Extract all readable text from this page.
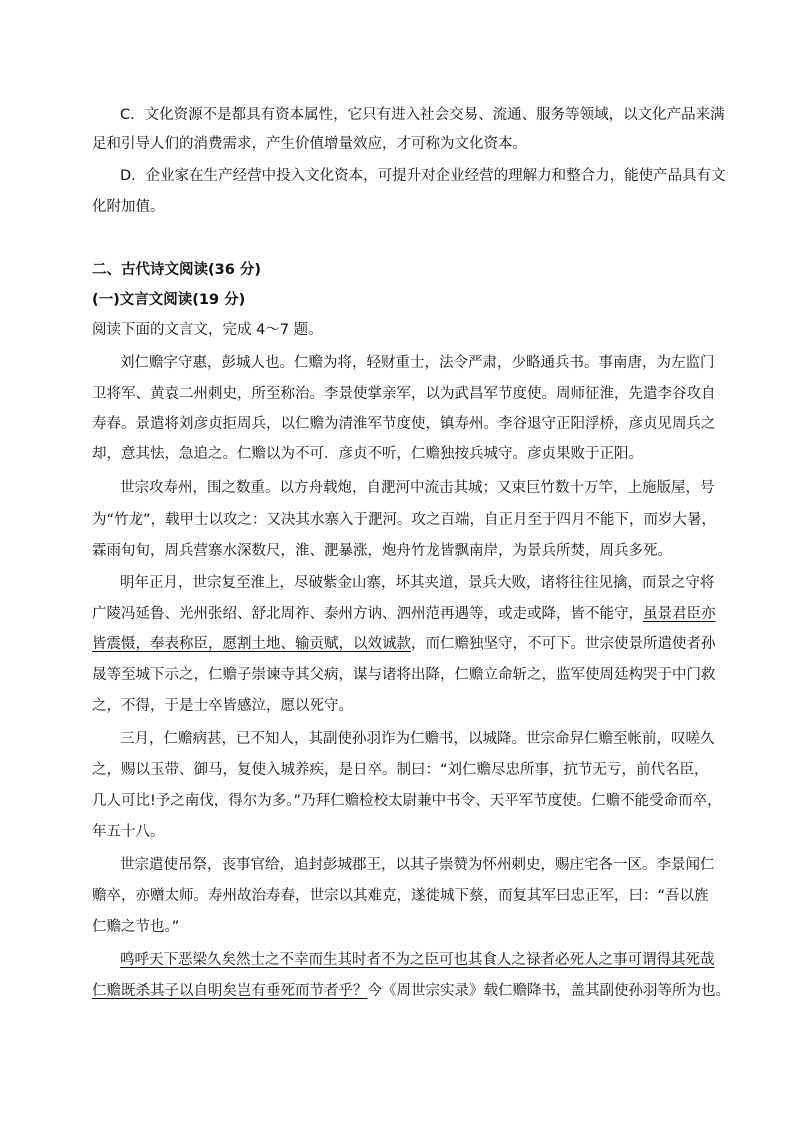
C．文化资源不是都具有资本属性，它只有进入社会交易、流通、服务等领域，以文化产品来满
足和引导人们的消费需求，产生价值增量效应，才可称为文化资本。
D．企业家在生产经营中投入文化资本，可提升对企业经营的理解力和整合力，能使产品具有文
化附加值。
二、古代诗文阅读(36 分)
(一)文言文阅读(19 分)
阅读下面的文言文，完成 4～7 题。
刘仁赡字守惠，彭城人也。仁赡为将，轻财重士，法令严肃，少略通兵书。事南唐，为左监门
卫将军、黄袁二州刺史，所至称治。李景使掌亲军，以为武昌军节度使。周师征淮，先遣李谷攻自
寿春。景遣将刘彦贞拒周兵，以仁赡为清淮军节度使，镇寿州。李谷退守正阳浮桥，彦贞见周兵之
却，意其怯，急追之。仁赡以为不可．彦贞不听，仁赡独按兵城守。彦贞果败于正阳。
世宗攻寿州，围之数重。以方舟载炮，自淝河中流击其城；又束巨竹数十万竿，上施版屋，号
为“竹龙”，载甲士以攻之：又决其水寨入于淝河。攻之百端，自正月至于四月不能下，而岁大暑，
霖雨旬旬，周兵营寨水深数尺，淮、淝暴涨，炮舟竹龙皆飘南岸，为景兵所焚，周兵多死。
明年正月，世宗复至淮上，尽破紫金山寨，坏其夹道，景兵大败，诸将往往见擒，而景之守将
广陵冯延鲁、光州张绍、舒北周祚、泰州方讷、泗州范再遇等，或走或降，皆不能守，虽景君臣亦
皆震慑，奉表称臣，愿割土地、输贡赋，以效诚款，而仁赡独坚守，不可下。世宗使景所遣使者孙
晟等至城下示之，仁赡子崇谏寺其父病，谋与诸将出降，仁赡立命斩之，监军使周廷构哭于中门救
之，不得，于是士卒皆感泣，愿以死守。
三月，仁赡病甚，已不知人，其副使孙羽诈为仁赡书，以城降。世宗命舁仁赡至帐前，叹嗟久
之，赐以玉带、御马，复使入城养疾，是日卒。制曰：“刘仁赡尽忠所事，抗节无亏，前代名臣，
几人可比!予之南伐，得尔为多。”乃拜仁赡检校太尉兼中书令、天平军节度使。仁赡不能受命而卒，
年五十八。
世宗遣使吊祭，丧事官给，追封彭城郡王，以其子崇赞为怀州刺史，赐庄宅各一区。李景闻仁
赡卒，亦赠太师。寿州故治寿春，世宗以其难克，遂徙城下蔡，而复其军曰忠正军，曰：“吾以旌
仁赡之节也。”
鸣呼天下恶梁久矣然士之不幸而生其时者不为之臣可也其食人之禄者必死人之事可谓得其死哉
仁赡既杀其子以自明矣岂有垂死而节者乎？今《周世宗实录》载仁赡降书，盖其副使孙羽等所为也。
